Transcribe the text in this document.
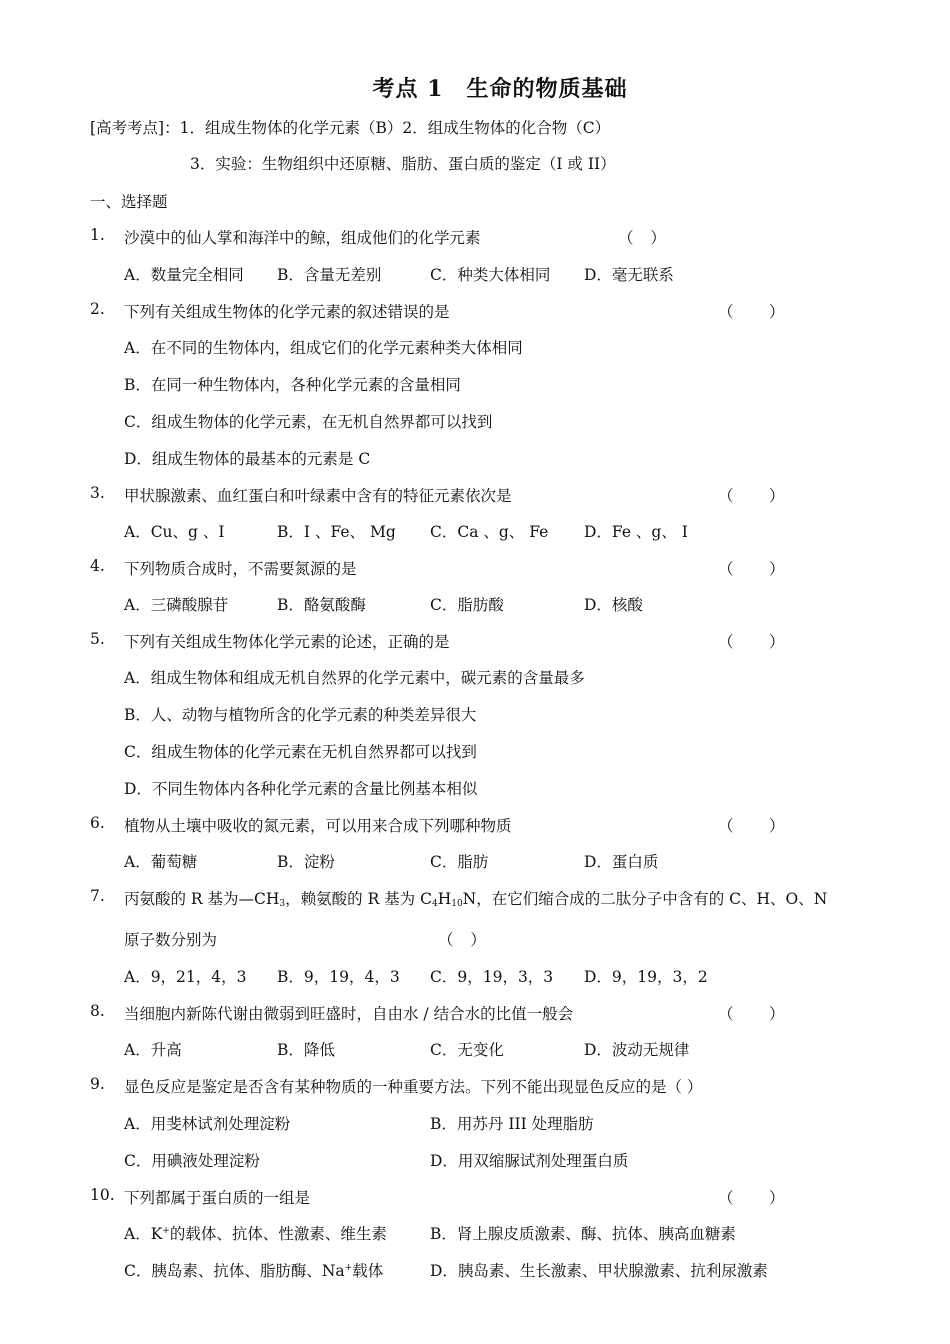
考点 1　生命的物质基础
[高考考点]：1．组成生物体的化学元素（B）2．组成生物体的化合物（C）
3．实验：生物组织中还原糖、脂肪、蛋白质的鉴定（I 或 II）
一、选择题
1. 沙漠中的仙人掌和海洋中的鲸，组成他们的化学元素	（ ）
A．数量完全相同 B．含量无差别	C．种类大体相同 D．毫无联系
2. 下列有关组成生物体的化学元素的叙述错误的是	（　）
A．在不同的生物体内，组成它们的化学元素种类大体相同
B．在同一种生物体内，各种化学元素的含量相同
C．组成生物体的化学元素，在无机自然界都可以找到
D．组成生物体的最基本的元素是 C
3. 甲状腺激素、血红蛋白和叶绿素中含有的特征元素依次是	（　）
A．Cu、g 、I	B．I 、Fe、 Mg C．Ca 、g、 Fe D．Fe 、g、 I
4. 下列物质合成时，不需要氮源的是	（　）
A．三磷酸腺苷	B．酪氨酸酶	C．脂肪酸	D．核酸
5. 下列有关组成生物体化学元素的论述，正确的是	（　）
A．组成生物体和组成无机自然界的化学元素中，碳元素的含量最多
B．人、动物与植物所含的化学元素的种类差异很大
C．组成生物体的化学元素在无机自然界都可以找到
D．不同生物体内各种化学元素的含量比例基本相似
6. 植物从土壤中吸收的氮元素，可以用来合成下列哪种物质	（　）
A．葡萄糖	B．淀粉	C．脂肪	D．蛋白质
7. 丙氨酸的 R 基为$—CH_3$，赖氨酸的 R 基为 $C_4H_{10}N$，在它们缩合成的二肽分子中含有的 C、H、O、N
原子数分别为	（ ）
A．9，21，4，3 B．9，19，4，3 C．9，19，3，3 D．9，19，3，2
8. 当细胞内新陈代谢由微弱到旺盛时，自由水 / 结合水的比值一般会	（　）
A．升高	B．降低	C．无变化	D．波动无规律
9. 显色反应是鉴定是否含有某种物质的一种重要方法。下列不能出现显色反应的是（ ）
A．用斐林试剂处理淀粉	B．用苏丹 III 处理脂肪
C．用碘液处理淀粉	D．用双缩脲试剂处理蛋白质
10. 下列都属于蛋白质的一组是	（　）
A．K+的载体、抗体、性激素、维生素	B．肾上腺皮质激素、酶、抗体、胰高血糖素
C．胰岛素、抗体、脂肪酶、Na+载体	D．胰岛素、生长激素、甲状腺激素、抗利尿激素
